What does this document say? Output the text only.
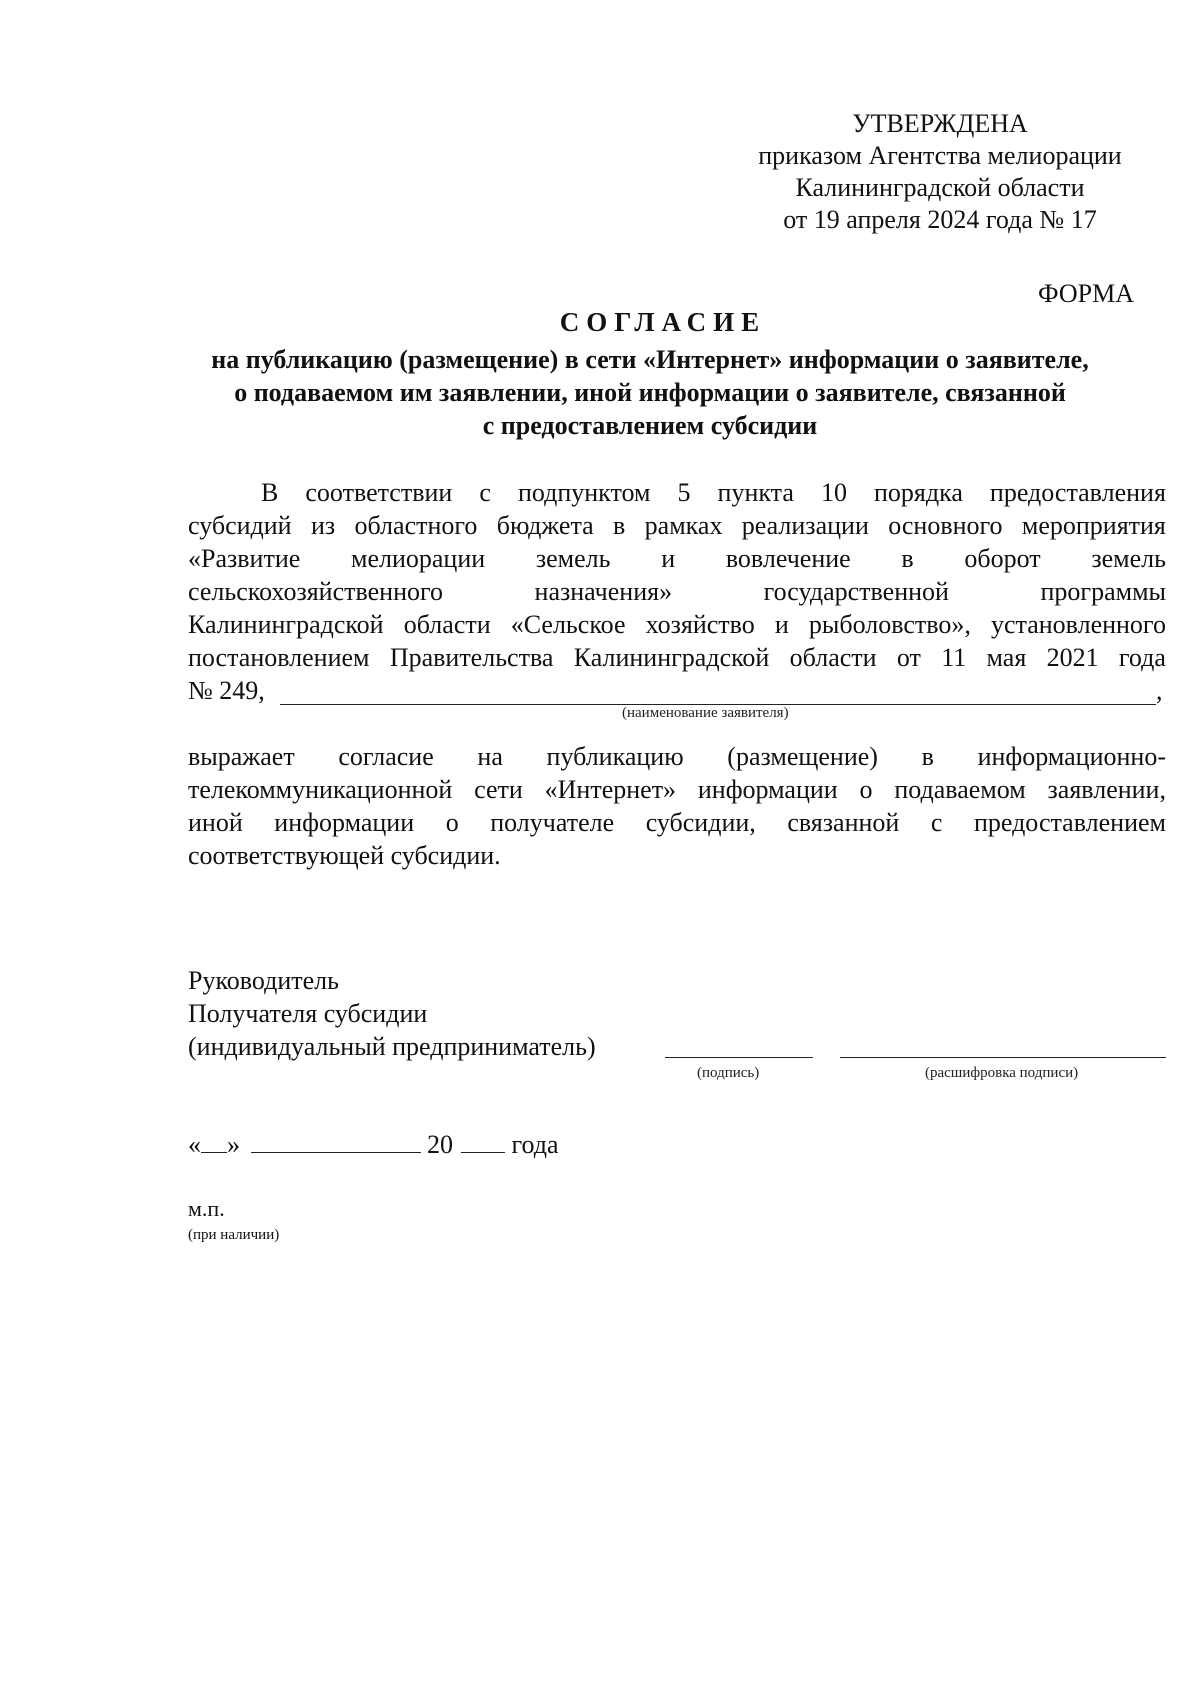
УТВЕРЖДЕНА
приказом Агентства мелиорации
Калининградской области
от 19 апреля 2024 года № 17
ФОРМА
СОГЛАСИЕ
на публикацию (размещение) в сети «Интернет» информации о заявителе,
о подаваемом им заявлении, иной информации о заявителе, связанной
с предоставлением субсидии
В соответствии с подпунктом 5 пункта 10 порядка предоставления
субсидий из областного бюджета в рамках реализации основного мероприятия
«Развитие мелиорации земель и вовлечение в оборот земель
сельскохозяйственного	назначения»	государственной	программы
Калининградской области «Сельское хозяйство и рыболовство», установленного
постановлением Правительства Калининградской области от 11 мая 2021 года
№ 249,	,
(наименование заявителя)
выражает согласие на публикацию (размещение) в информационно-
телекоммуникационной сети «Интернет» информации о подаваемом заявлении,
иной информации о получателе субсидии, связанной с предоставлением
соответствующей субсидии.
Руководитель
Получателя субсидии
(индивидуальный предприниматель)
(подпись)	(расшифровка подписи)
« »	20 года
м.п.
(при наличии)
